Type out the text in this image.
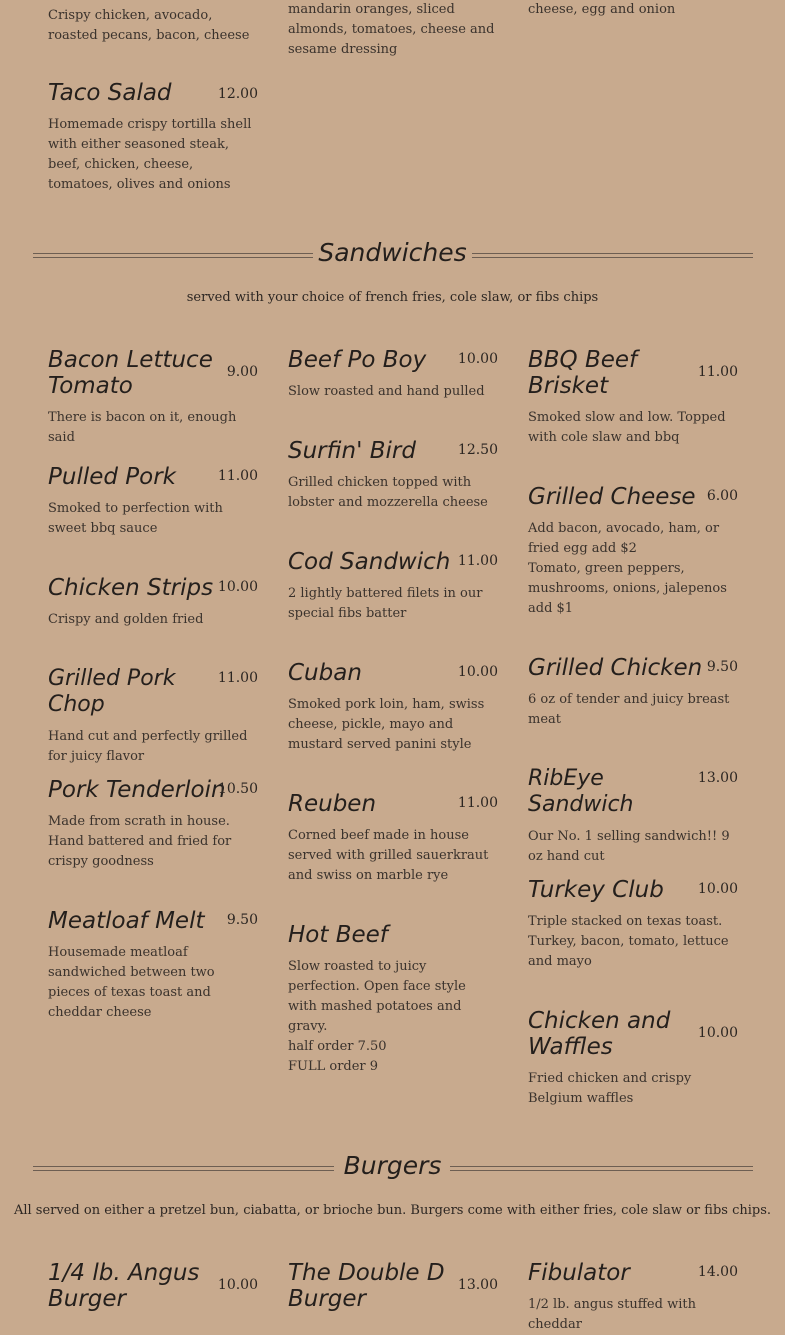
Crispy chicken, avocado, roasted pecans, bacon, cheese
mandarin oranges, sliced almonds, tomatoes, cheese and sesame dressing
cheese, egg and onion
12.00
Taco Salad
Homemade crispy tortilla shell with either seasoned steak, beef, chicken, cheese, tomatoes, olives and onions
Sandwiches
served with your choice of french fries, cole slaw, or fibs chips
9.00
Bacon Lettuce Tomato
There is bacon on it, enough said
11.00
Pulled Pork
Smoked to perfection with sweet bbq sauce
10.00
Chicken Strips
Crispy and golden fried
11.00
Grilled Pork Chop
Hand cut and perfectly grilled for juicy flavor
10.50
Pork Tenderloin
Made from scrath in house. Hand battered and fried for crispy goodness
9.50
Meatloaf Melt
Housemade meatloaf sandwiched between two pieces of texas toast and cheddar cheese
10.00
Beef Po Boy
Slow roasted and hand pulled
12.50
Surfin' Bird
Grilled chicken topped with lobster and mozzerella cheese
11.00
Cod Sandwich
2 lightly battered filets in our special fibs batter
10.00
Cuban
Smoked pork loin, ham, swiss cheese, pickle, mayo and mustard served panini style
11.00
Reuben
Corned beef made in house served with grilled sauerkraut and swiss on marble rye
Hot Beef
Slow roasted to juicy perfection. Open face style with mashed potatoes and gravy.
half order 7.50
FULL order 9
11.00
BBQ Beef Brisket
Smoked slow and low. Topped with cole slaw and bbq
6.00
Grilled Cheese
Add bacon, avocado, ham, or fried egg add $2
Tomato, green peppers, mushrooms, onions, jalepenos add $1
9.50
Grilled Chicken
6 oz of tender and juicy breast meat
13.00
RibEye Sandwich
Our No. 1 selling sandwich!! 9 oz hand cut
10.00
Turkey Club
Triple stacked on texas toast. Turkey, bacon, tomato, lettuce and mayo
10.00
Chicken and Waffles
Fried chicken and crispy Belgium waffles
Burgers
All served on either a pretzel bun, ciabatta, or brioche bun. Burgers come with either fries, cole slaw or fibs chips.
10.00
1/4 lb. Angus Burger
13.00
The Double D Burger
14.00
Fibulator
1/2 lb. angus stuffed with cheddar
